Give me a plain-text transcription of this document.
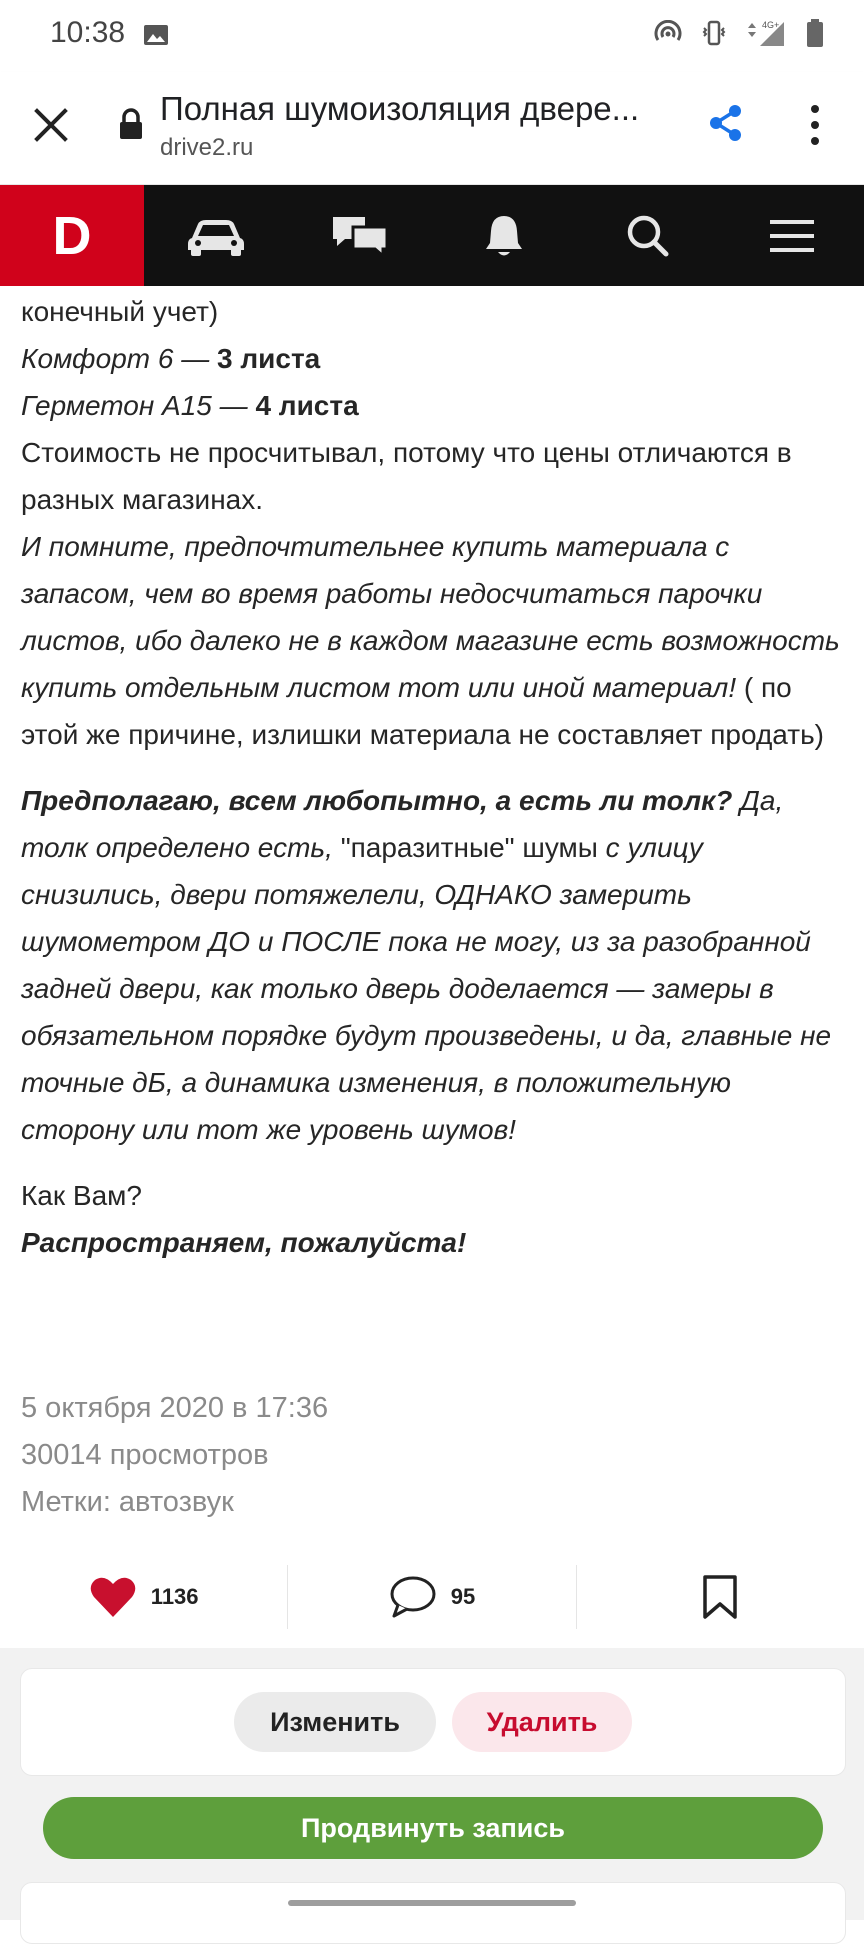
10:38	4G+
Полная шумоизоляция двере...
drive2.ru
D

конечный учет)

Комфорт 6 — 3 листа

Герметон А15 — 4 листа

Стоимость не просчитывал, потому что цены отличаются в разных магазинах.

И помните, предпочтительнее купить материала с запасом, чем во время работы недосчитаться парочки листов, ибо далеко не в каждом магазине есть возможность купить отдельным листом тот или иной материал! ( по этой же причине, излишки материала не составляет продать)

Предполагаю, всем любопытно, а есть ли толк? Да, толк определено есть, "паразитные" шумы с улицу снизились, двери потяжелели, ОДНАКО замерить шумометром ДО и ПОСЛЕ пока не могу, из за разобранной задней двери, как только дверь доделается — замеры в обязательном порядке будут произведены, и да, главные не точные дБ, а динамика изменения, в положительную сторону или тот же уровень шумов!

Как Вам?

Распространяем, пожалуйста!

5 октября 2020 в 17:36
30014 просмотров
Метки: автозвук
1136	95
Изменить	Удалить
Продвинуть запись
